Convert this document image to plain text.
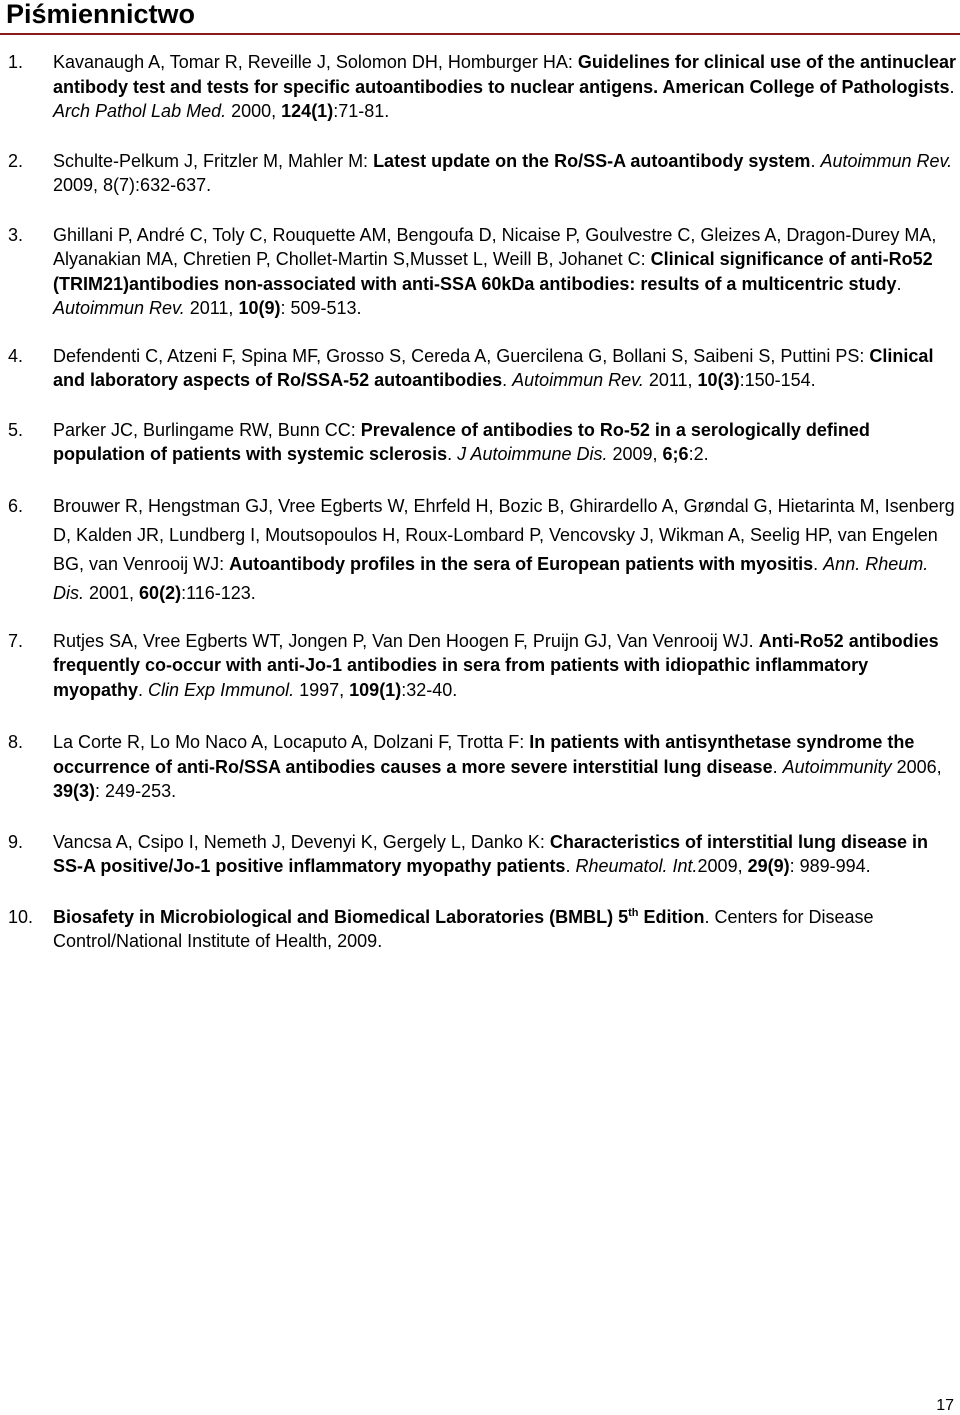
Piśmiennictwo
1. Kavanaugh A, Tomar R, Reveille J, Solomon DH, Homburger HA: Guidelines for clinical use of the antinuclear antibody test and tests for specific autoantibodies to nuclear antigens. American College of Pathologists. Arch Pathol Lab Med. 2000, 124(1):71-81.
2. Schulte-Pelkum J, Fritzler M, Mahler M: Latest update on the Ro/SS-A autoantibody system. Autoimmun Rev. 2009, 8(7):632-637.
3. Ghillani P, André C, Toly C, Rouquette AM, Bengoufa D, Nicaise P, Goulvestre C, Gleizes A, Dragon-Durey MA, Alyanakian MA, Chretien P, Chollet-Martin S,Musset L, Weill B, Johanet C: Clinical significance of anti-Ro52 (TRIM21)antibodies non-associated with anti-SSA 60kDa antibodies: results of a multicentric study. Autoimmun Rev. 2011, 10(9): 509-513.
4. Defendenti C, Atzeni F, Spina MF, Grosso S, Cereda A, Guercilena G, Bollani S, Saibeni S, Puttini PS: Clinical and laboratory aspects of Ro/SSA-52 autoantibodies. Autoimmun Rev. 2011, 10(3):150-154.
5. Parker JC, Burlingame RW, Bunn CC: Prevalence of antibodies to Ro-52 in a serologically defined population of patients with systemic sclerosis. J Autoimmune Dis. 2009, 6;6:2.
6. Brouwer R, Hengstman GJ, Vree Egberts W, Ehrfeld H, Bozic B, Ghirardello A, Grøndal G, Hietarinta M, Isenberg D, Kalden JR, Lundberg I, Moutsopoulos H, Roux-Lombard P, Vencovsky J, Wikman A, Seelig HP, van Engelen BG, van Venrooij WJ: Autoantibody profiles in the sera of European patients with myositis. Ann. Rheum. Dis. 2001, 60(2):116-123.
7. Rutjes SA, Vree Egberts WT, Jongen P, Van Den Hoogen F, Pruijn GJ, Van Venrooij WJ. Anti-Ro52 antibodies frequently co-occur with anti-Jo-1 antibodies in sera from patients with idiopathic inflammatory myopathy. Clin Exp Immunol. 1997, 109(1):32-40.
8. La Corte R, Lo Mo Naco A, Locaputo A, Dolzani F, Trotta F: In patients with antisynthetase syndrome the occurrence of anti-Ro/SSA antibodies causes a more severe interstitial lung disease. Autoimmunity 2006, 39(3): 249-253.
9. Vancsa A, Csipo I, Nemeth J, Devenyi K, Gergely L, Danko K: Characteristics of interstitial lung disease in SS-A positive/Jo-1 positive inflammatory myopathy patients. Rheumatol. Int.2009, 29(9): 989-994.
10. Biosafety in Microbiological and Biomedical Laboratories (BMBL) 5th Edition. Centers for Disease Control/National Institute of Health, 2009.
17
